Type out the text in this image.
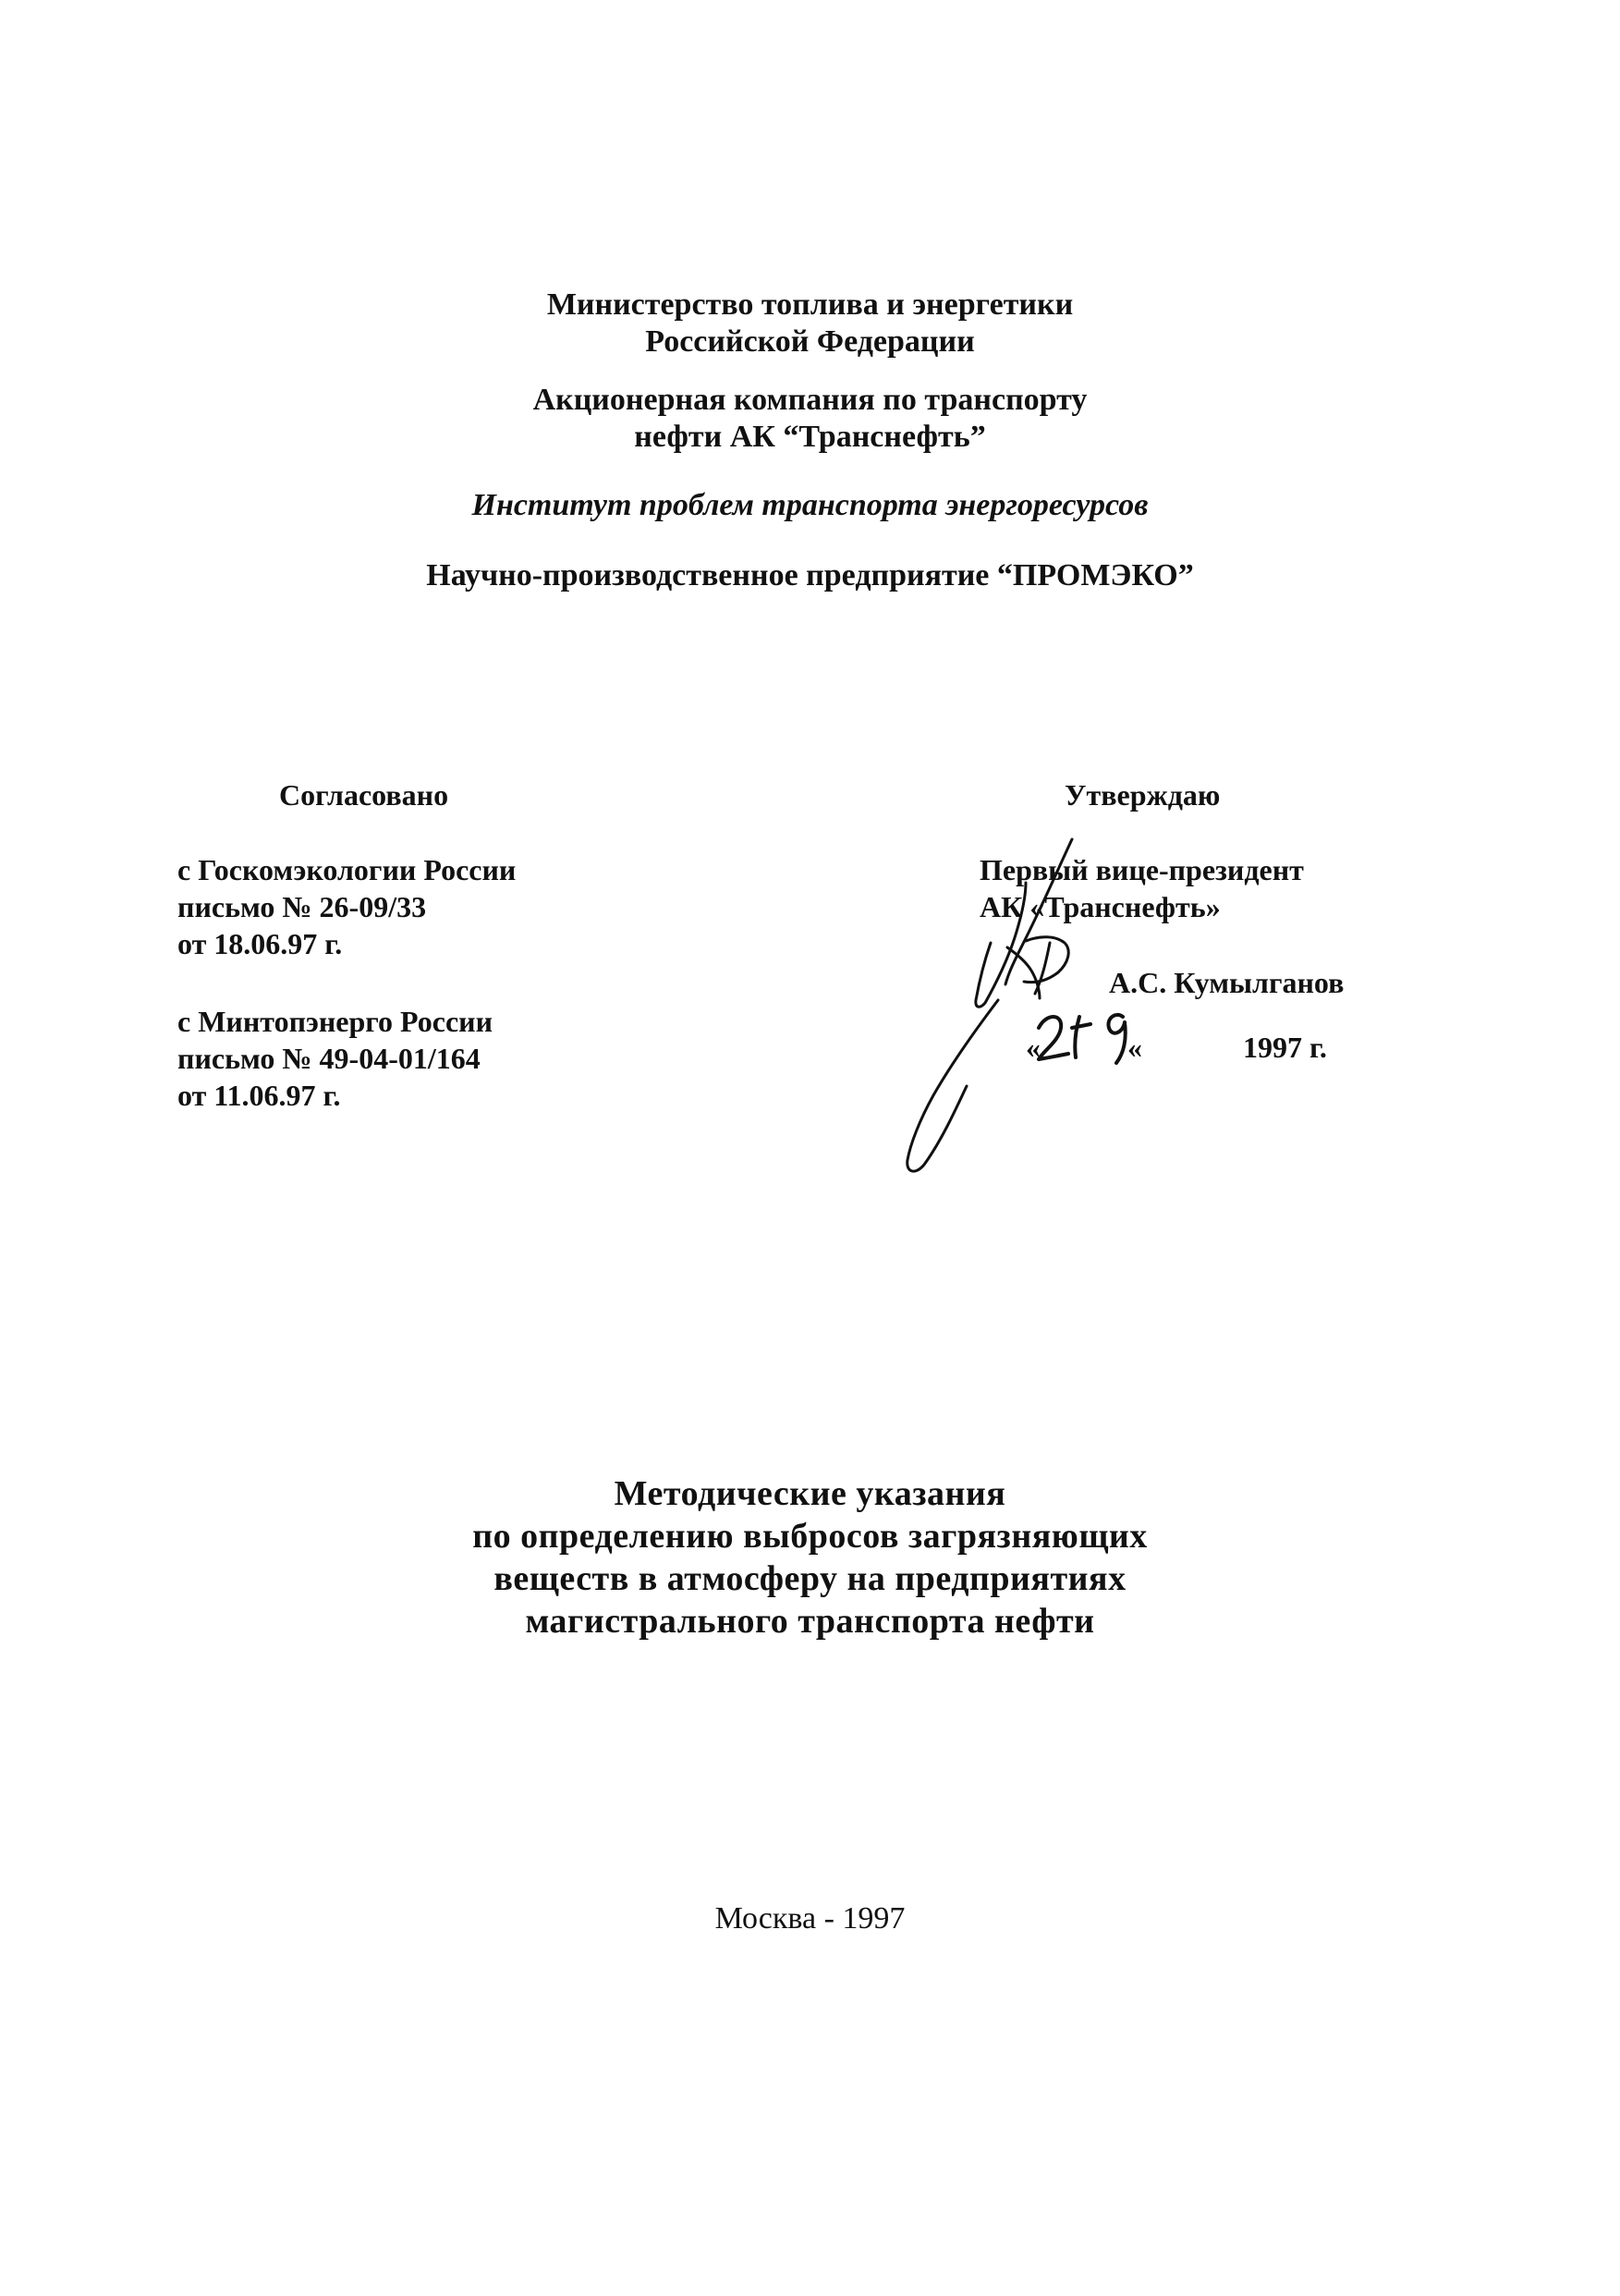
Министерство топлива и энергетики
Российской Федерации
Акционерная компания по транспорту
нефти АК “Транснефть”
Институт проблем транспорта энергоресурсов
Научно-производственное предприятие “ПРОМЭКО”
Согласовано
с Госкомэкологии России
письмо № 26-09/33
от 18.06.97 г.
с Минтопэнерго России
письмо № 49-04-01/164
от 11.06.97 г.
Утверждаю
Первый вице-президент
АК «Транснефть»
А.С. Кумылганов
«	«	1997 г.
Методические указания
по определению выбросов загрязняющих
веществ в атмосферу на предприятиях
магистрального транспорта нефти
Москва - 1997
